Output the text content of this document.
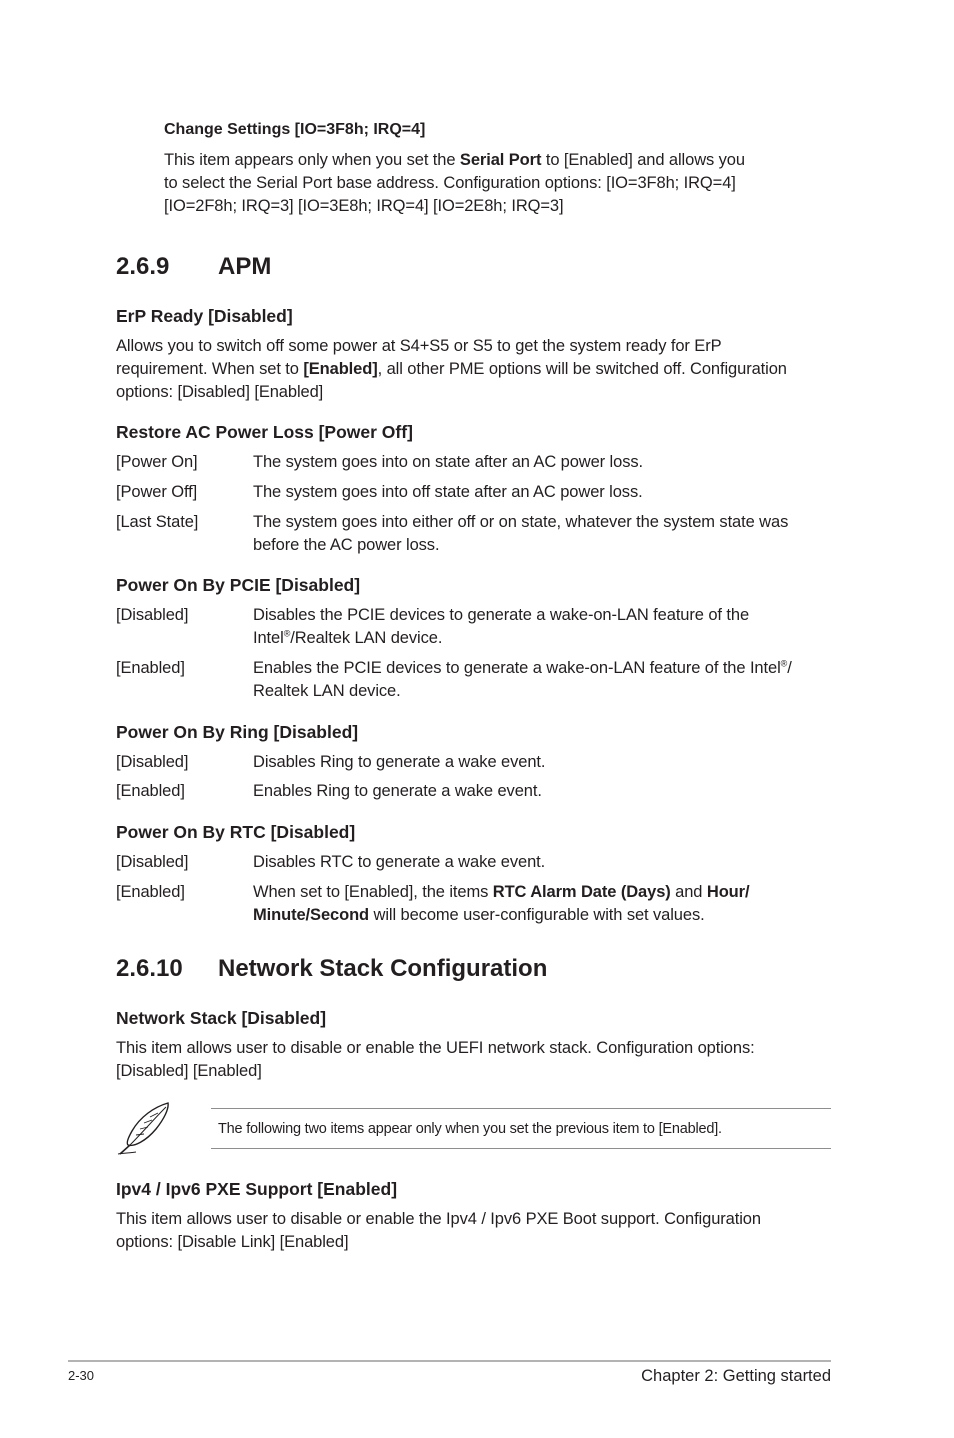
Change Settings [IO=3F8h; IRQ=4]
This item appears only when you set the Serial Port to [Enabled] and allows you
to select the Serial Port base address. Configuration options: [IO=3F8h; IRQ=4]
[IO=2F8h; IRQ=3] [IO=3E8h; IRQ=4] [IO=2E8h; IRQ=3]
2.6.9 APM
ErP Ready [Disabled]
Allows you to switch off some power at S4+S5 or S5 to get the system ready for ErP
requirement. When set to [Enabled], all other PME options will be switched off. Configuration
options: [Disabled] [Enabled]
Restore AC Power Loss [Power Off]
[Power On]	The system goes into on state after an AC power loss.
[Power Off]	The system goes into off state after an AC power loss.
[Last State]	The system goes into either off or on state, whatever the system state was
before the AC power loss.
Power On By PCIE [Disabled]
[Disabled]	Disables the PCIE devices to generate a wake-on-LAN feature of the
Intel®/Realtek LAN device.
[Enabled]	Enables the PCIE devices to generate a wake-on-LAN feature of the Intel®/
Realtek LAN device.
Power On By Ring [Disabled]
[Disabled]	Disables Ring to generate a wake event.
[Enabled]	Enables Ring to generate a wake event.
Power On By RTC [Disabled]
[Disabled]	Disables RTC to generate a wake event.
[Enabled]	When set to [Enabled], the items RTC Alarm Date (Days) and Hour/
Minute/Second will become user-configurable with set values.
2.6.10 Network Stack Configuration
Network Stack [Disabled]
This item allows user to disable or enable the UEFI network stack. Configuration options:
[Disabled] [Enabled]
The following two items appear only when you set the previous item to [Enabled].
Ipv4 / Ipv6 PXE Support [Enabled]
This item allows user to disable or enable the Ipv4 / Ipv6 PXE Boot support. Configuration
options: [Disable Link] [Enabled]
2-30	Chapter 2: Getting started
